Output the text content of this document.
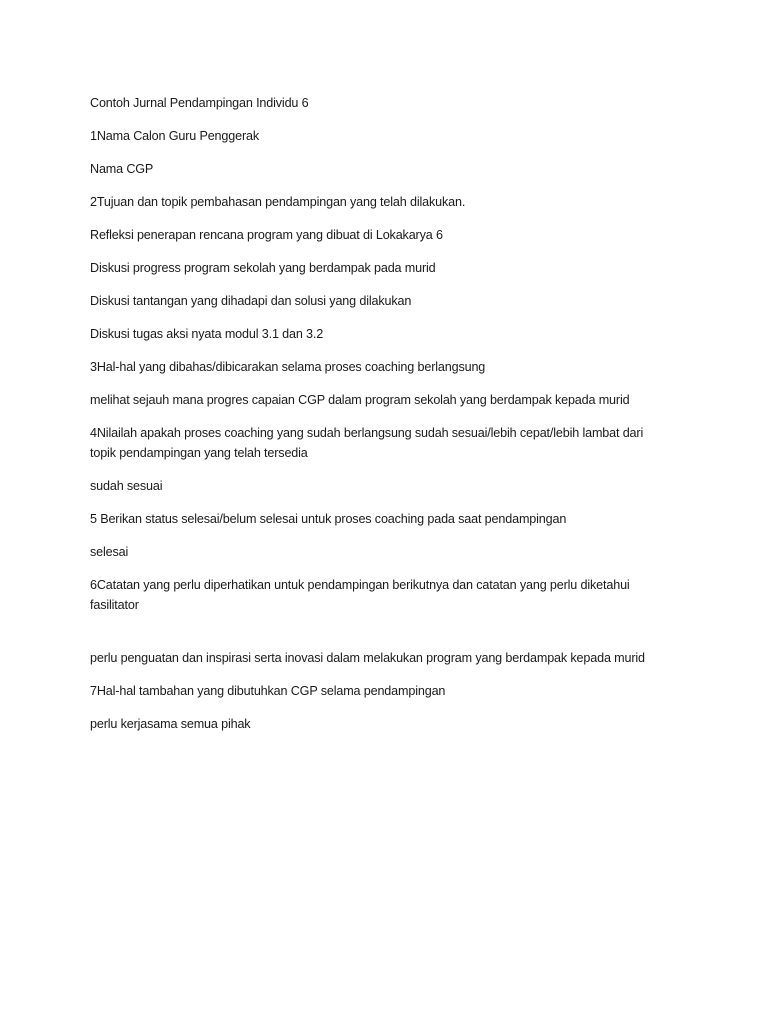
Contoh Jurnal Pendampingan Individu 6

1Nama Calon Guru Penggerak

Nama CGP

2Tujuan dan topik pembahasan pendampingan yang telah dilakukan.

Refleksi penerapan rencana program yang dibuat di Lokakarya 6

Diskusi progress program sekolah yang berdampak pada murid

Diskusi tantangan yang dihadapi dan solusi yang dilakukan

Diskusi tugas aksi nyata modul 3.1 dan 3.2

3Hal-hal yang dibahas/dibicarakan selama proses coaching berlangsung

melihat sejauh mana progres capaian CGP dalam program sekolah yang berdampak kepada murid

4Nilailah apakah proses coaching yang sudah berlangsung sudah sesuai/lebih cepat/lebih lambat dari topik pendampingan yang telah tersedia

sudah sesuai

5 Berikan status selesai/belum selesai untuk proses coaching pada saat pendampingan

selesai

6Catatan yang perlu diperhatikan untuk pendampingan berikutnya dan catatan yang perlu diketahui fasilitator

perlu penguatan dan inspirasi serta inovasi dalam melakukan program yang berdampak kepada murid

7Hal-hal tambahan yang dibutuhkan CGP selama pendampingan

perlu kerjasama semua pihak
